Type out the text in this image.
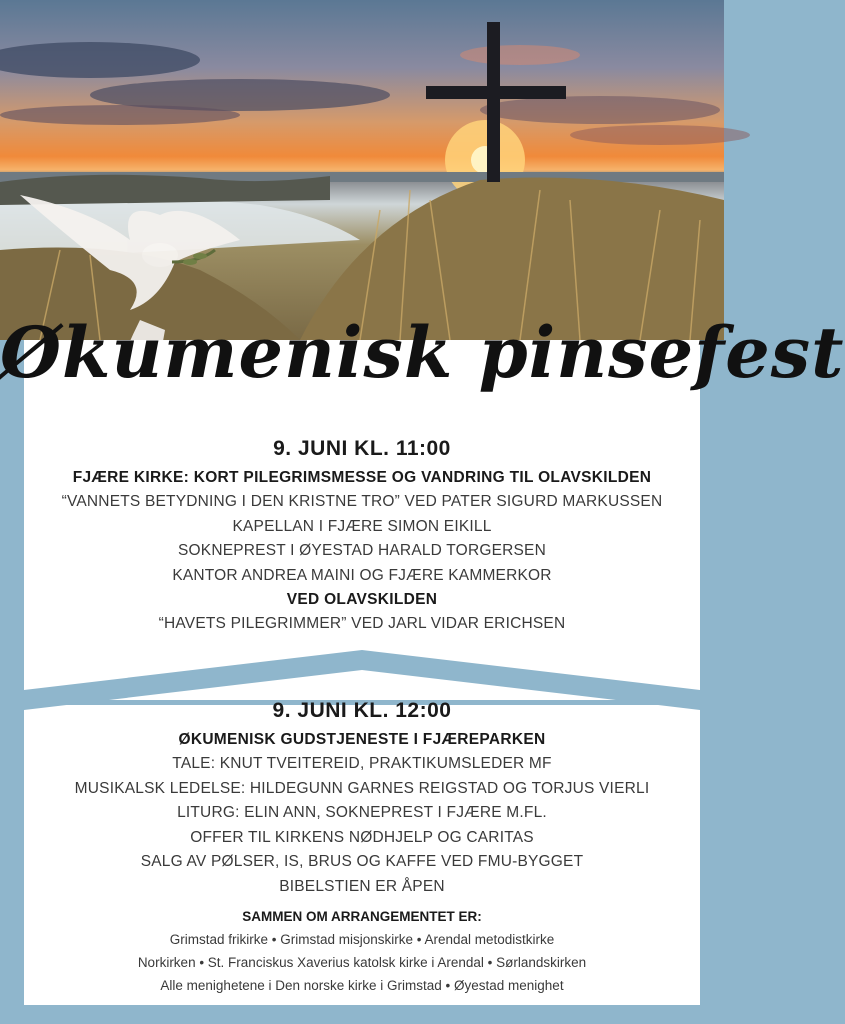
Økumenisk pinsefest

9. JUNI KL. 11:00

FJÆRE KIRKE: KORT PILEGRIMSMESSE OG VANDRING TIL OLAVSKILDEN

“VANNETS BETYDNING I DEN KRISTNE TRO” VED PATER SIGURD MARKUSSEN

KAPELLAN I FJÆRE SIMON EIKILL

SOKNEPREST I ØYESTAD HARALD TORGERSEN

KANTOR ANDREA MAINI OG FJÆRE KAMMERKOR

VED OLAVSKILDEN

“HAVETS PILEGRIMMER” VED JARL VIDAR ERICHSEN

9. JUNI KL. 12:00

ØKUMENISK GUDSTJENESTE I FJÆREPARKEN

TALE: KNUT TVEITEREID, PRAKTIKUMSLEDER MF

MUSIKALSK LEDELSE: HILDEGUNN GARNES REIGSTAD OG TORJUS VIERLI

LITURG: ELIN ANN, SOKNEPREST I FJÆRE M.FL.

OFFER TIL KIRKENS NØDHJELP OG CARITAS

SALG AV PØLSER, IS, BRUS OG KAFFE VED FMU-BYGGET

BIBELSTIEN ER ÅPEN

SAMMEN OM ARRANGEMENTET ER:

Grimstad frikirke • Grimstad misjonskirke • Arendal metodistkirke

Norkirken • St. Franciskus Xaverius katolsk kirke i Arendal • Sørlandskirken

Alle menighetene i Den norske kirke i Grimstad • Øyestad menighet
